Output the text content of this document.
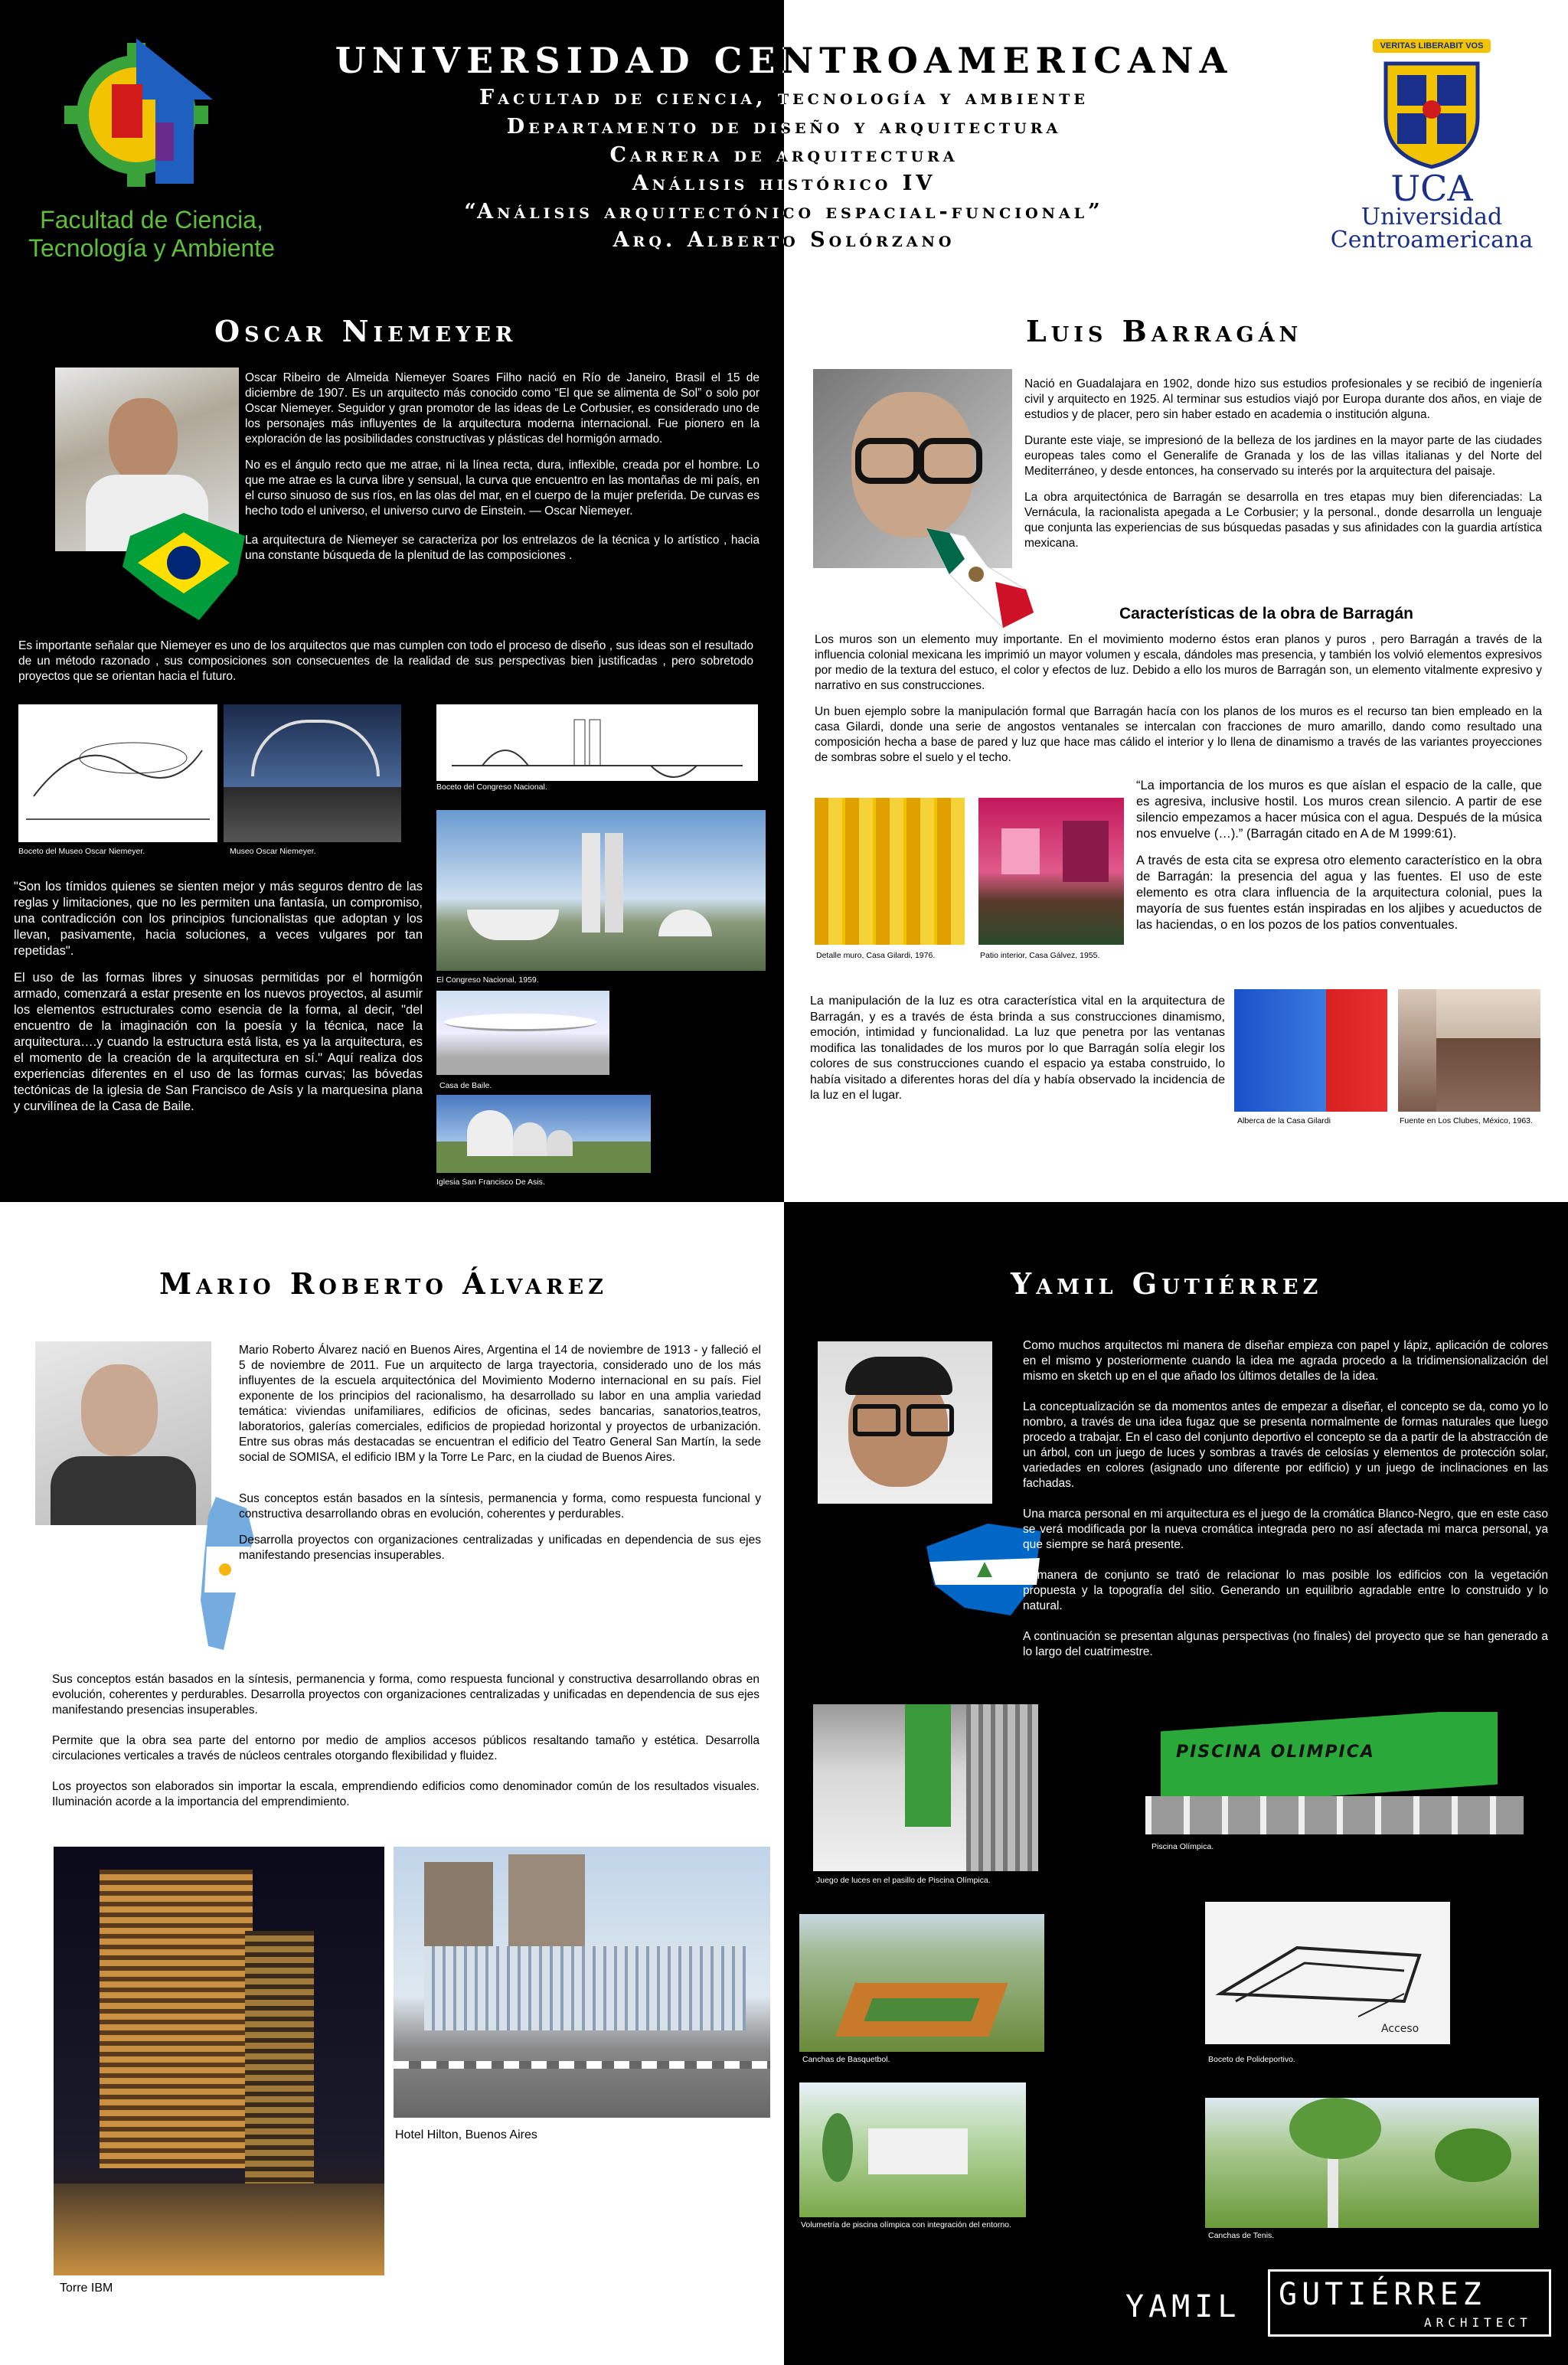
UNIVERSIDAD CENTROAMERICANA
Facultad de ciencia, tecnología y ambiente
Departamento de diseño y arquitectura
Carrera de arquitectura
Análisis histórico IV
“Análisis arquitectónico espacial-funcional”
Arq. Alberto Solórzano
Facultad de Ciencia,
Tecnología y Ambiente
VERITAS LIBERABIT VOS
UCA
Universidad
Centroamericana
Oscar Niemeyer

Oscar Ribeiro de Almeida Niemeyer Soares Filho nació en Río de Janeiro, Brasil el 15 de diciembre de 1907. Es un arquitecto más conocido como “El que se alimenta de Sol” o solo por Oscar Niemeyer. Seguidor y gran promotor de las ideas de Le Corbusier, es considerado uno de los personajes más influyentes de la arquitectura moderna internacional. Fue pionero en la exploración de las posibilidades constructivas y plásticas del hormigón armado.

No es el ángulo recto que me atrae, ni la línea recta, dura, inflexible, creada por el hombre. Lo que me atrae es la curva libre y sensual, la curva que encuentro en las montañas de mi país, en el curso sinuoso de sus ríos, en las olas del mar, en el cuerpo de la mujer preferida. De curvas es hecho todo el universo, el universo curvo de Einstein. — Oscar Niemeyer.

La arquitectura de Niemeyer se caracteriza por los entrelazos de la técnica y lo artístico , hacia una constante búsqueda de la plenitud de las composiciones .

Es importante señalar que Niemeyer es uno de los arquitectos que mas cumplen con todo el proceso de diseño , sus ideas son el resultado de un método razonado , sus composiciones son consecuentes de la realidad de sus perspectivas bien justificadas , pero sobretodo proyectos que se orientan hacia el futuro.

Boceto del Museo Oscar Niemeyer.	Museo Oscar Niemeyer.
Boceto del Congreso Nacional.
El Congreso Nacional, 1959.
Casa de Baile.
Iglesia San Francisco De Asis.

"Son los tímidos quienes se sienten mejor y más seguros dentro de las reglas y limitaciones, que no les permiten una fantasía, un compromiso, una contradicción con los principios funcionalistas que adoptan y los llevan, pasivamente, hacia soluciones, a veces vulgares por tan repetidas".

El uso de las formas libres y sinuosas permitidas por el hormigón armado, comenzará a estar presente en los nuevos proyectos, al asumir los elementos estructurales como esencia de la forma, al decir, "del encuentro de la imaginación con la poesía y la técnica, nace la arquitectura….y cuando la estructura está lista, es ya la arquitectura, es el momento de la creación de la arquitectura en sí." Aquí realiza dos experiencias diferentes en el uso de las formas curvas; las bóvedas tectónicas de la iglesia de San Francisco de Asís y la marquesina plana y curvilínea de la Casa de Baile.

Luis Barragán

Nació en Guadalajara en 1902, donde hizo sus estudios profesionales y se recibió de ingeniería civil y arquitecto en 1925. Al terminar sus estudios viajó por Europa durante dos años, en viaje de estudios y de placer, pero sin haber estado en academia o institución alguna.

Durante este viaje, se impresionó de la belleza de los jardines en la mayor parte de las ciudades europeas tales como el Generalife de Granada y los de las villas italianas y del Norte del Mediterráneo, y desde entonces, ha conservado su interés por la arquitectura del paisaje.

La obra arquitectónica de Barragán se desarrolla en tres etapas muy bien diferenciadas: La Vernácula, la racionalista apegada a Le Corbusier; y la personal., donde desarrolla un lenguaje que conjunta las experiencias de sus búsquedas pasadas y sus afinidades con la guardia artística mexicana.

Características de la obra de Barragán

Los muros son un elemento muy importante. En el movimiento moderno éstos eran planos y puros , pero Barragán a través de la influencia colonial mexicana les imprimió un mayor volumen y escala, dándoles mas presencia, y también los volvió elementos expresivos por medio de la textura del estuco, el color y efectos de luz. Debido a ello los muros de Barragán son, un elemento vitalmente expresivo y narrativo en sus construcciones.

Un buen ejemplo sobre la manipulación formal que Barragán hacía con los planos de los muros es el recurso tan bien empleado en la casa Gilardi, donde una serie de angostos ventanales se intercalan con fracciones de muro amarillo, dando como resultado una composición hecha a base de pared y luz que hace mas cálido el interior y lo llena de dinamismo a través de las variantes proyecciones de sombras sobre el suelo y el techo.

Detalle muro, Casa Gilardi, 1976.	Patio interior, Casa Gálvez, 1955.

“La importancia de los muros es que aíslan el espacio de la calle, que es agresiva, inclusive hostil. Los muros crean silencio. A partir de ese silencio empezamos a hacer música con el agua. Después de la música nos envuelve (…).” (Barragán citado en A de M 1999:61).

A través de esta cita se expresa otro elemento característico en la obra de Barragán: la presencia del agua y las fuentes. El uso de este elemento es otra clara influencia de la arquitectura colonial, pues la mayoría de sus fuentes están inspiradas en los aljibes y acueductos de las haciendas, o en los pozos de los patios conventuales.

La manipulación de la luz es otra característica vital en la arquitectura de Barragán, y es a través de ésta brinda a sus construcciones dinamismo, emoción, intimidad y funcionalidad. La luz que penetra por las ventanas modifica las tonalidades de los muros por lo que Barragán solía elegir los colores de sus construcciones cuando el espacio ya estaba construido, lo había visitado a diferentes horas del día y había observado la incidencia de la luz en el lugar.

Alberca de la Casa Gilardi	Fuente en Los Clubes, México, 1963.
Mario Roberto Álvarez

Mario Roberto Álvarez nació en Buenos Aires, Argentina el 14 de noviembre de 1913 - y falleció el 5 de noviembre de 2011. Fue un arquitecto de larga trayectoria, considerado uno de los más influyentes de la escuela arquitectónica del Movimiento Moderno internacional en su país. Fiel exponente de los principios del racionalismo, ha desarrollado su labor en una amplia variedad temática: viviendas unifamiliares, edificios de oficinas, sedes bancarias, sanatorios,teatros, laboratorios, galerías comerciales, edificios de propiedad horizontal y proyectos de urbanización. Entre sus obras más destacadas se encuentran el edificio del Teatro General San Martín, la sede social de SOMISA, el edificio IBM y la Torre Le Parc, en la ciudad de Buenos Aires.

Sus conceptos están basados en la síntesis, permanencia y forma, como respuesta funcional y constructiva desarrollando obras en evolución, coherentes y perdurables.

Desarrolla proyectos con organizaciones centralizadas y unificadas en dependencia de sus ejes manifestando presencias insuperables.

Sus conceptos están basados en la síntesis, permanencia y forma, como respuesta funcional y constructiva desarrollando obras en evolución, coherentes y perdurables. Desarrolla proyectos con organizaciones centralizadas y unificadas en dependencia de sus ejes manifestando presencias insuperables.

Permite que la obra sea parte del entorno por medio de amplios accesos públicos resaltando tamaño y estética. Desarrolla circulaciones verticales a través de núcleos centrales otorgando flexibilidad y fluidez.

Los proyectos son elaborados sin importar la escala, emprendiendo edificios como denominador común de los resultados visuales. Iluminación acorde a la importancia del emprendimiento.

Torre IBM
Hotel Hilton, Buenos Aires
Yamil Gutiérrez

Como muchos arquitectos mi manera de diseñar empieza con papel y lápiz, aplicación de colores en el mismo y posteriormente cuando la idea me agrada procedo a la tridimensionalización del mismo en sketch up en el que añado los últimos detalles de la idea.

La conceptualización se da momentos antes de empezar a diseñar, el concepto se da, como yo lo nombro, a través de una idea fugaz que se presenta normalmente de formas naturales que luego procedo a trabajar. En el caso del conjunto deportivo el concepto se da a partir de la abstracción de un árbol, con un juego de luces y sombras a través de celosías y elementos de protección solar, variedades en colores (asignado uno diferente por edificio) y un juego de inclinaciones en las fachadas.

Una marca personal en mi arquitectura es el juego de la cromática Blanco-Negro, que en este caso se verá modificada por la nueva cromática integrada pero no así afectada mi marca personal, ya que siempre se hará presente.

A manera de conjunto se trató de relacionar lo mas posible los edificios con la vegetación propuesta y la topografía del sitio. Generando un equilibrio agradable entre lo construido y lo natural.

A continuación se presentan algunas perspectivas (no finales) del proyecto que se han generado a lo largo del cuatrimestre.

Juego de luces en el pasillo de Piscina Olímpica.
PISCINA OLIMPICA
Piscina Olímpica.
Canchas de Basquetbol.
Acceso
Boceto de Polideportivo.
Volumetría de piscina olímpica con integración del entorno.
Canchas de Tenis.
YAMIL GUTIÉRREZ
ARCHITECT
